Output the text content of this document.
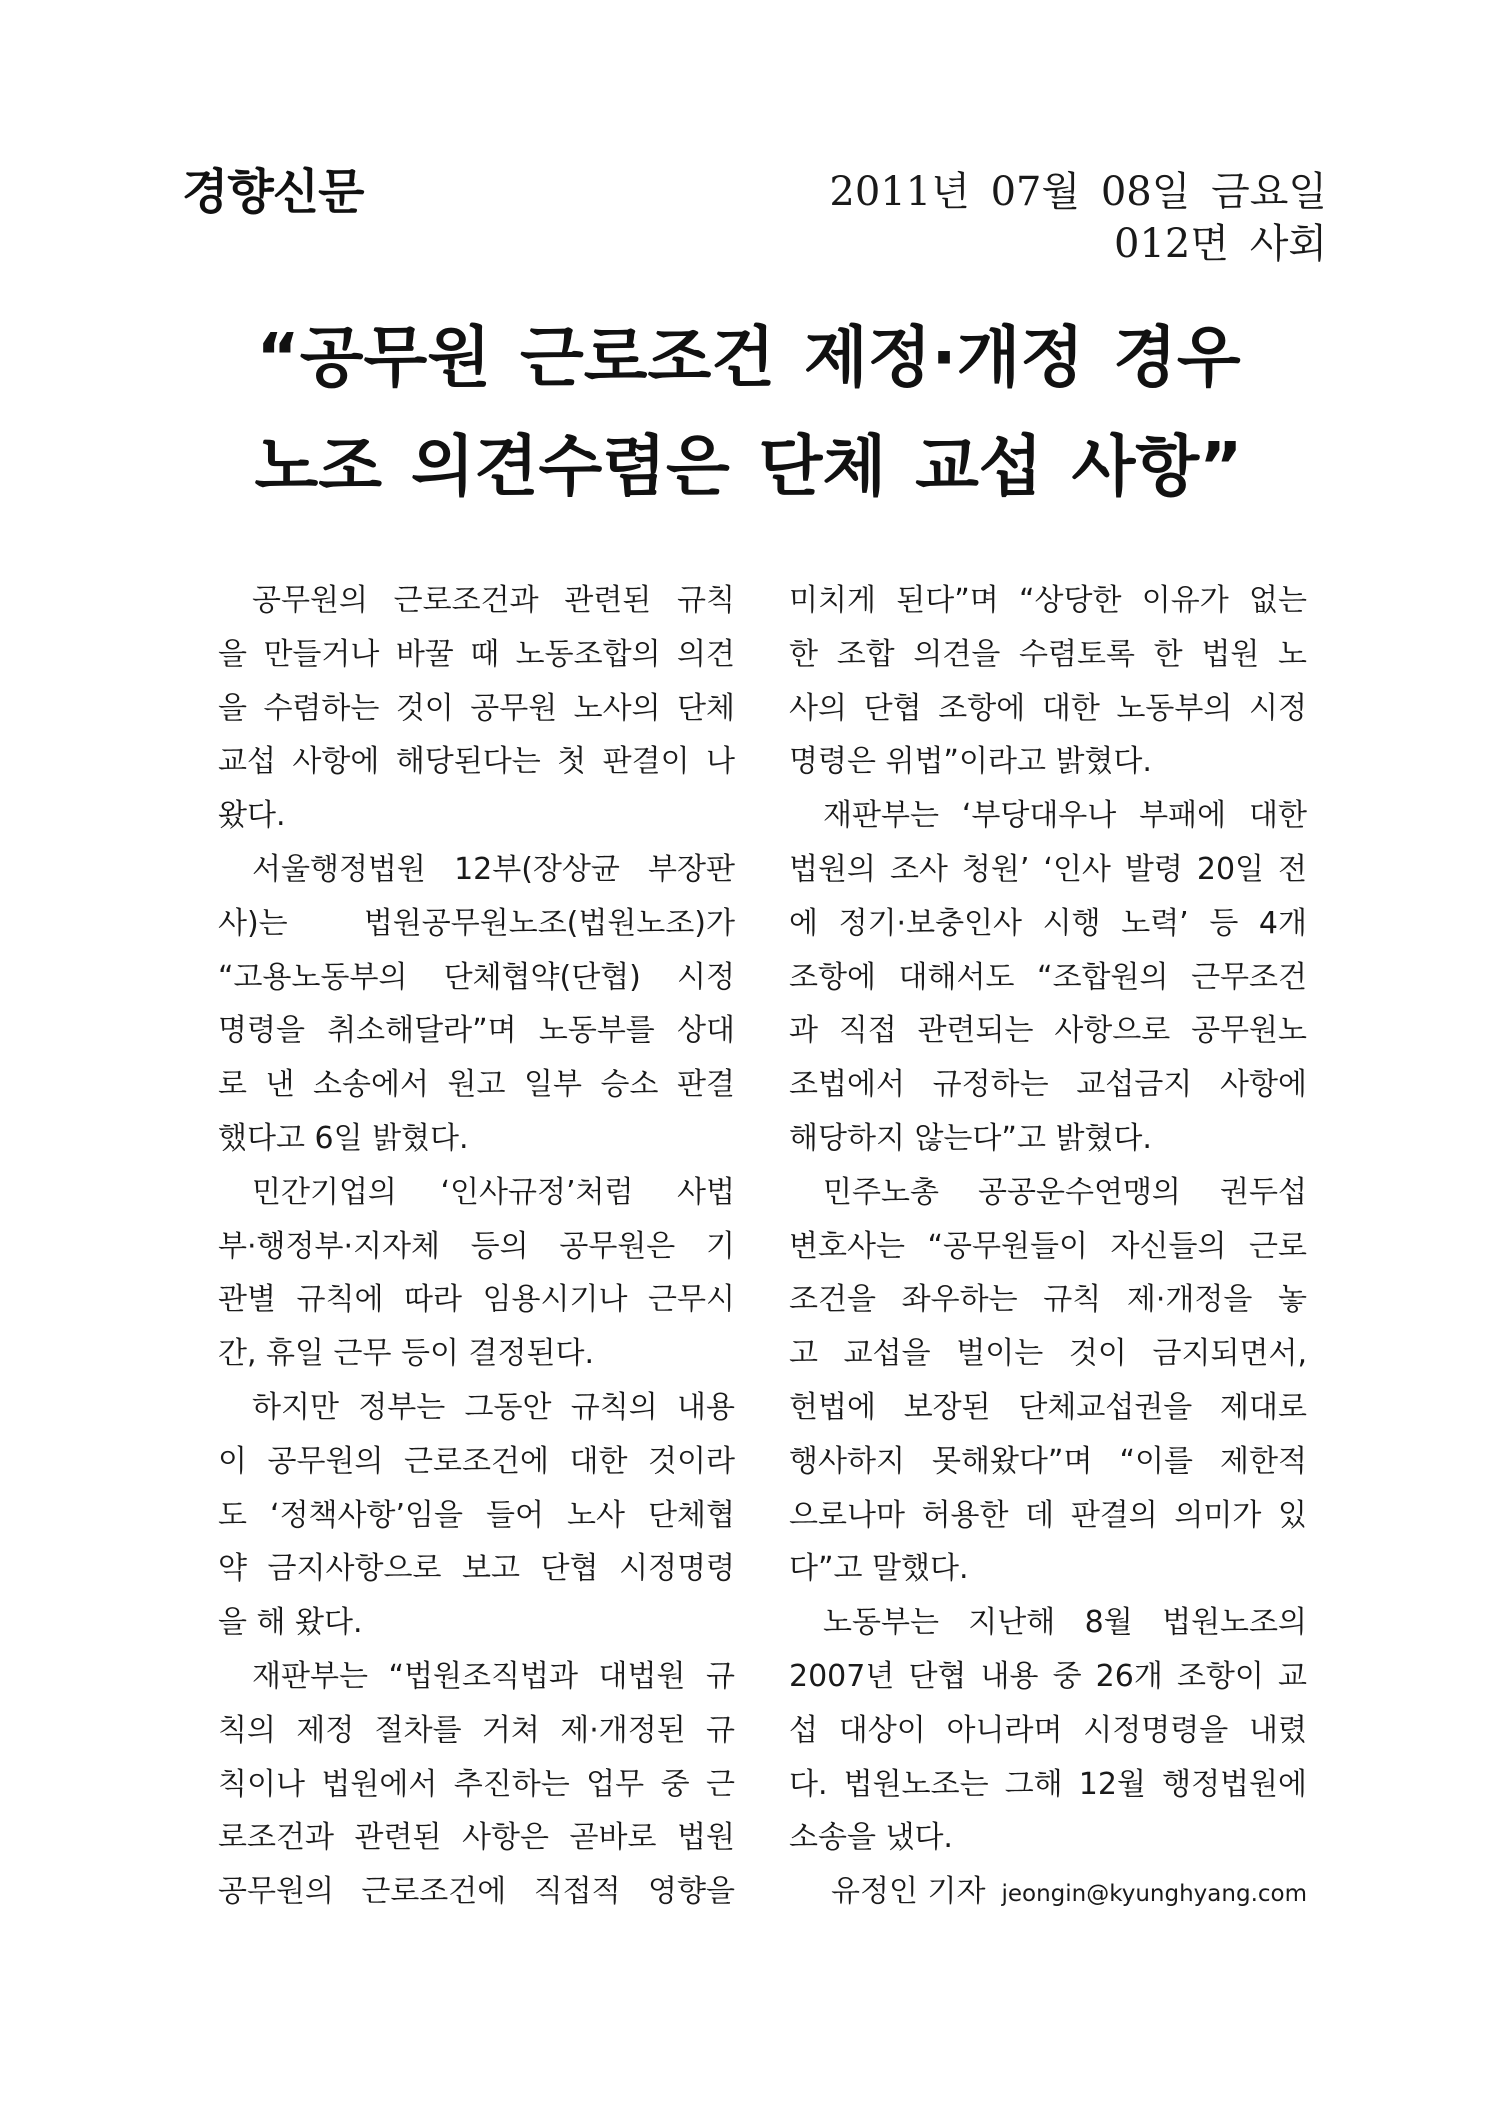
경향신문	2011년 07월 08일 금요일
012면 사회
“공무원 근로조건 제정·개정 경우
노조 의견수렴은 단체 교섭 사항”
공무원의 근로조건과 관련된 규칙
을 만들거나 바꿀 때 노동조합의 의견
을 수렴하는 것이 공무원 노사의 단체
교섭 사항에 해당된다는 첫 판결이 나
왔다.
서울행정법원 12부(장상균 부장판
사)는 법원공무원노조(법원노조)가
“고용노동부의 단체협약(단협) 시정
명령을 취소해달라”며 노동부를 상대
로 낸 소송에서 원고 일부 승소 판결
했다고 6일 밝혔다.
민간기업의 ‘인사규정’처럼 사법
부·행정부·지자체 등의 공무원은 기
관별 규칙에 따라 임용시기나 근무시
간, 휴일 근무 등이 결정된다.
하지만 정부는 그동안 규칙의 내용
이 공무원의 근로조건에 대한 것이라
도 ‘정책사항’임을 들어 노사 단체협
약 금지사항으로 보고 단협 시정명령
을 해 왔다.
재판부는 “법원조직법과 대법원 규
칙의 제정 절차를 거쳐 제·개정된 규
칙이나 법원에서 추진하는 업무 중 근
로조건과 관련된 사항은 곧바로 법원
공무원의 근로조건에 직접적 영향을
미치게 된다”며 “상당한 이유가 없는
한 조합 의견을 수렴토록 한 법원 노
사의 단협 조항에 대한 노동부의 시정
명령은 위법”이라고 밝혔다.
재판부는 ‘부당대우나 부패에 대한
법원의 조사 청원’ ‘인사 발령 20일 전
에 정기·보충인사 시행 노력’ 등 4개
조항에 대해서도 “조합원의 근무조건
과 직접 관련되는 사항으로 공무원노
조법에서 규정하는 교섭금지 사항에
해당하지 않는다”고 밝혔다.
민주노총 공공운수연맹의 권두섭
변호사는 “공무원들이 자신들의 근로
조건을 좌우하는 규칙 제·개정을 놓
고 교섭을 벌이는 것이 금지되면서,
헌법에 보장된 단체교섭권을 제대로
행사하지 못해왔다”며 “이를 제한적
으로나마 허용한 데 판결의 의미가 있
다”고 말했다.
노동부는 지난해 8월 법원노조의
2007년 단협 내용 중 26개 조항이 교
섭 대상이 아니라며 시정명령을 내렸
다. 법원노조는 그해 12월 행정법원에
소송을 냈다.
유정인 기자 jeongin@kyunghyang.com
